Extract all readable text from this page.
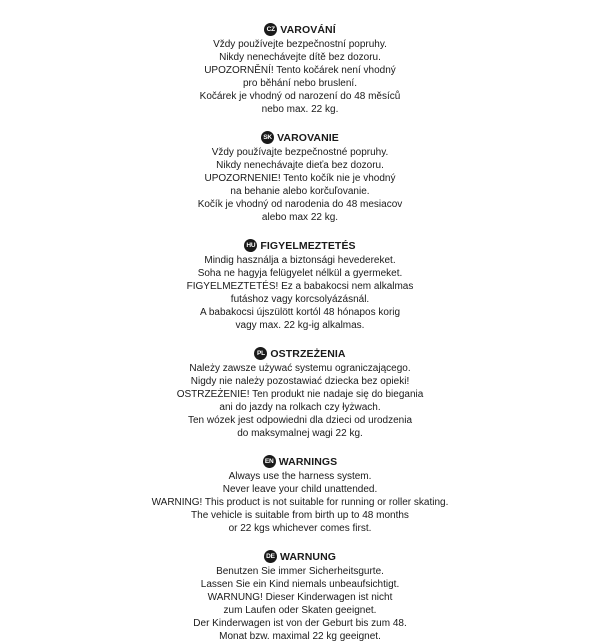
CZ VAROVÁNÍ
Vždy používejte bezpečnostní popruhy.
Nikdy nenechávejte dítě bez dozoru.
UPOZORNĚNÍ! Tento kočárek není vhodný
pro běhání nebo bruslení.
Kočárek je vhodný od narození do 48 měsíců
nebo max. 22 kg.
SK VAROVANIE
Vždy používajte bezpečnostné popruhy.
Nikdy nenechávajte dieťa bez dozoru.
UPOZORNENIE! Tento kočík nie je vhodný
na behanie alebo korčuľovanie.
Kočík je vhodný od narodenia do 48 mesiacov
alebo max 22 kg.
HU FIGYELMEZTETÉS
Mindig használja a biztonsági hevedereket.
Soha ne hagyja felügyelet nélkül a gyermeket.
FIGYELMEZTETÉS! Ez a babakocsi nem alkalmas
futáshoz vagy korcsolyázásnál.
A babakocsi újszülött kortól 48 hónapos korig
vagy max. 22 kg-ig alkalmas.
PL OSTRZEŻENIA
Należy zawsze używać systemu ograniczającego.
Nigdy nie należy pozostawiać dziecka bez opieki!
OSTRZEŻENIE! Ten produkt nie nadaje się do biegania
ani do jazdy na rolkach czy łyżwach.
Ten wózek jest odpowiedni dla dzieci od urodzenia
do maksymalnej wagi 22 kg.
EN WARNINGS
Always use the harness system.
Never leave your child unattended.
WARNING! This product is not suitable for running or roller skating.
The vehicle is suitable from birth up to 48 months
or 22 kgs whichever comes first.
DE WARNUNG
Benutzen Sie immer Sicherheitsgurte.
Lassen Sie ein Kind niemals unbeaufsichtigt.
WARNUNG! Dieser Kinderwagen ist nicht
zum Laufen oder Skaten geeignet.
Der Kinderwagen ist von der Geburt bis zum 48.
Monat bzw. maximal 22 kg geeignet.
